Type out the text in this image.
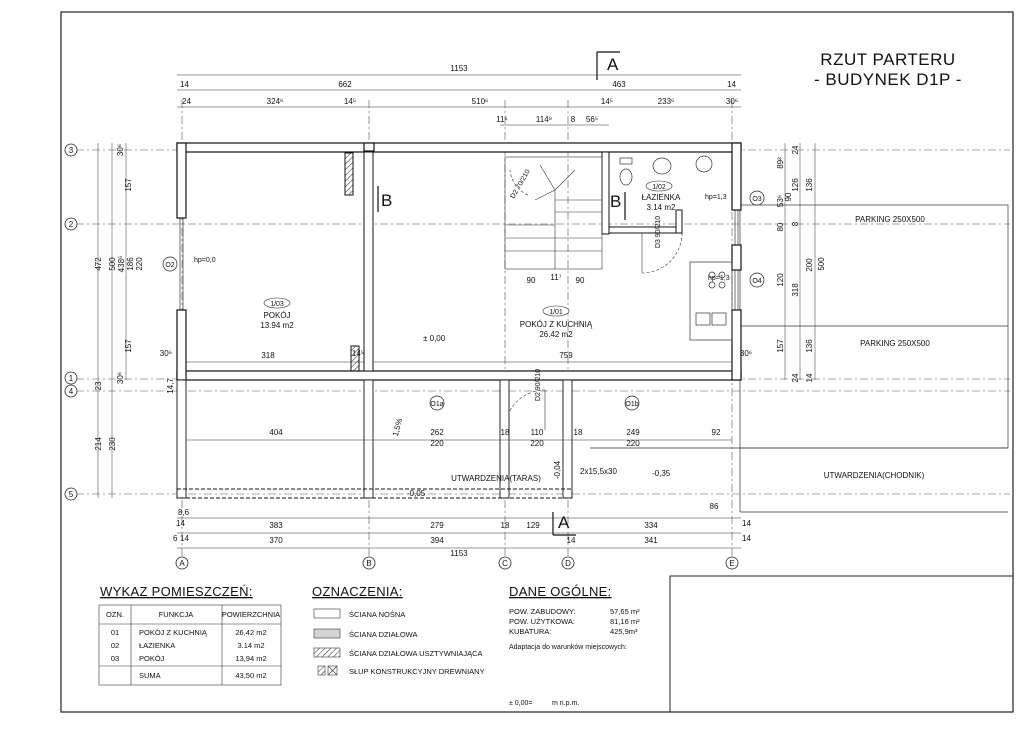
RZUT PARTERU
- BUDYNEK D1P -
3
2
1
4
5
A	B	C	D	E
PARKING 250X500
PARKING 250X500
UTWARDZENIA(CHODNIK)
O1a	O1b
O2
O3
O4
A
A
B	B
1153
14	662	463	14
24	324⁶	14⁵	510⁶	14⁵	233⁶	30⁶
11⁶	114⁸ 8 56⁵
8,6
14	383	279	18 129	334	14
6 14	370	394	14	341	14
1153
157
472 500 438⁶ 186 220
157
30⁶
30⁶
23	14,7
214 230
89²
53⁶
24
136
126
90
80 8
200
120
318
500
136
157
24 14
30⁶	318	14⁵	759	30⁶
90 11⁷ 90
404	262
220
18	110
220
18	249
220
92
1,5%
1/03
POKÓJ
13.94 m2
1/01
POKÓJ Z KUCHNIĄ
26.42 m2
1/02
ŁAZIENKA
3.14 m2
± 0,00
UTWARDZENIA(TARAS)
2x15,5x30	-0,35
-0,04
-0,05
86
hp=0,0
hp=1,3
hp=1,3
D2 70/210
D3 90/210
D2 90/210
WYKAZ POMIESZCZEŃ:
OZN.	FUNKCJA	POWIERZCHNIA
01	POKÓJ Z KUCHNIĄ	26,42 m2
02	ŁAZIENKA	3.14 m2
03	POKÓJ	13,94 m2
SUMA	43,50 m2
OZNACZENIA:
ŚCIANA NOŚNA
ŚCIANA DZIAŁOWA
ŚCIANA DZIAŁOWA USZTYWNIAJĄCA
SŁUP KONSTRUKCYJNY DREWNIANY
DANE OGÓLNE:
POW. ZABUDOWY:	57,65 m²
POW. UŻYTKOWA:	81,16 m²
KUBATURA:	425,9m³
Adaptacja do warunków miejscowych:
± 0,00=	m n.p.m.
